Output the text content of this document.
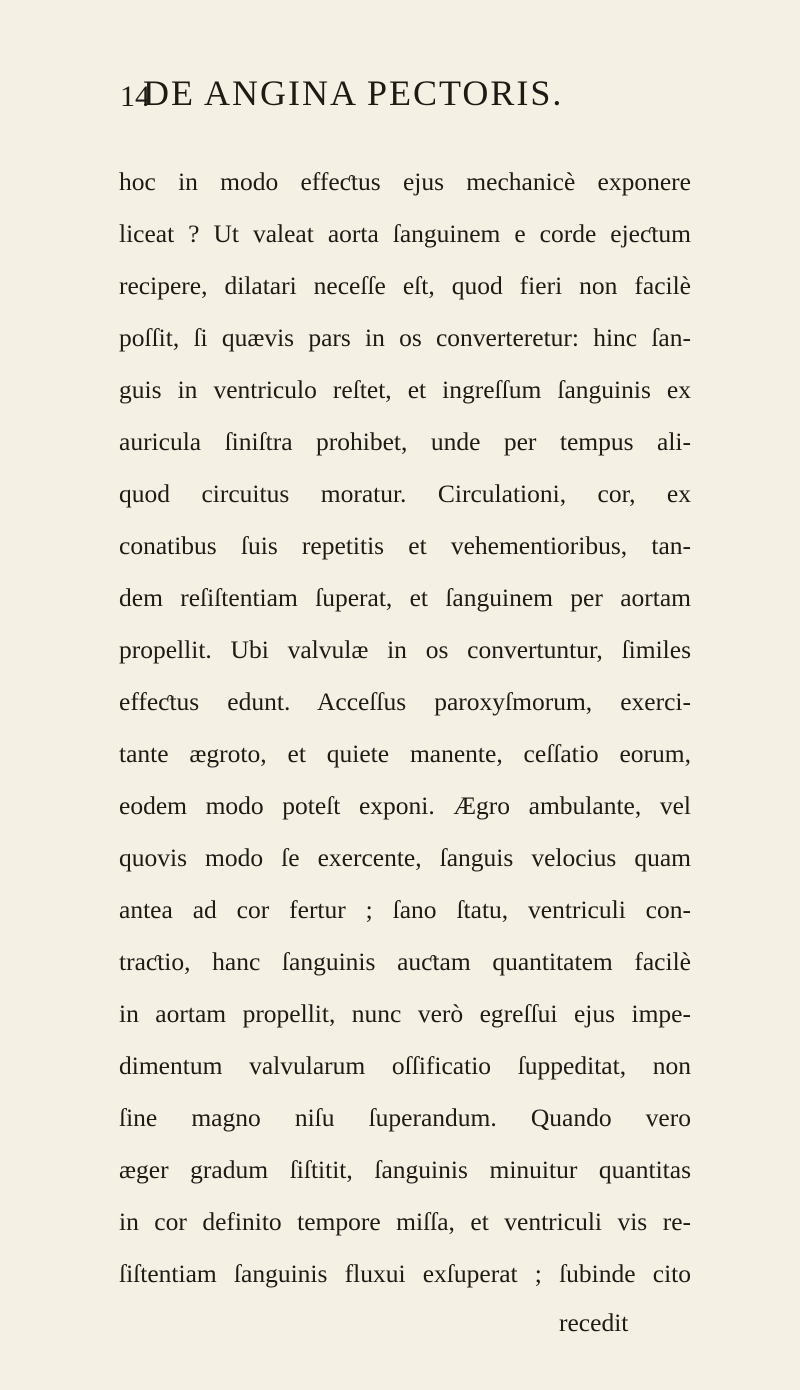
14
DE ANGINA PECTORIS.
hoc in modo effeƈtus ejus mechanicè exponere
liceat ? Ut valeat aorta ſanguinem e corde ejeƈtum
recipere, dilatari neceſſe eſt, quod fieri non facilè
poſſit, ſi quævis pars in os converteretur: hinc ſan-
guis in ventriculo reſtet, et ingreſſum ſanguinis ex
auricula ſiniſtra prohibet, unde per tempus ali-
quod circuitus moratur. Circulationi, cor, ex
conatibus ſuis repetitis et vehementioribus, tan-
dem reſiſtentiam ſuperat, et ſanguinem per aortam
propellit. Ubi valvulæ in os convertuntur, ſimiles
effeƈtus edunt. Acceſſus paroxyſmorum, exerci-
tante ægroto, et quiete manente, ceſſatio eorum,
eodem modo poteſt exponi. Ægro ambulante, vel
quovis modo ſe exercente, ſanguis velocius quam
antea ad cor fertur ; ſano ſtatu, ventriculi con-
traƈtio, hanc ſanguinis auƈtam quantitatem facilè
in aortam propellit, nunc verò egreſſui ejus impe-
dimentum valvularum oſſificatio ſuppeditat, non
ſine magno niſu ſuperandum. Quando vero
æger gradum ſiſtitit, ſanguinis minuitur quantitas
in cor definito tempore miſſa, et ventriculi vis re-
ſiſtentiam ſanguinis fluxui exſuperat ; ſubinde cito
recedit
